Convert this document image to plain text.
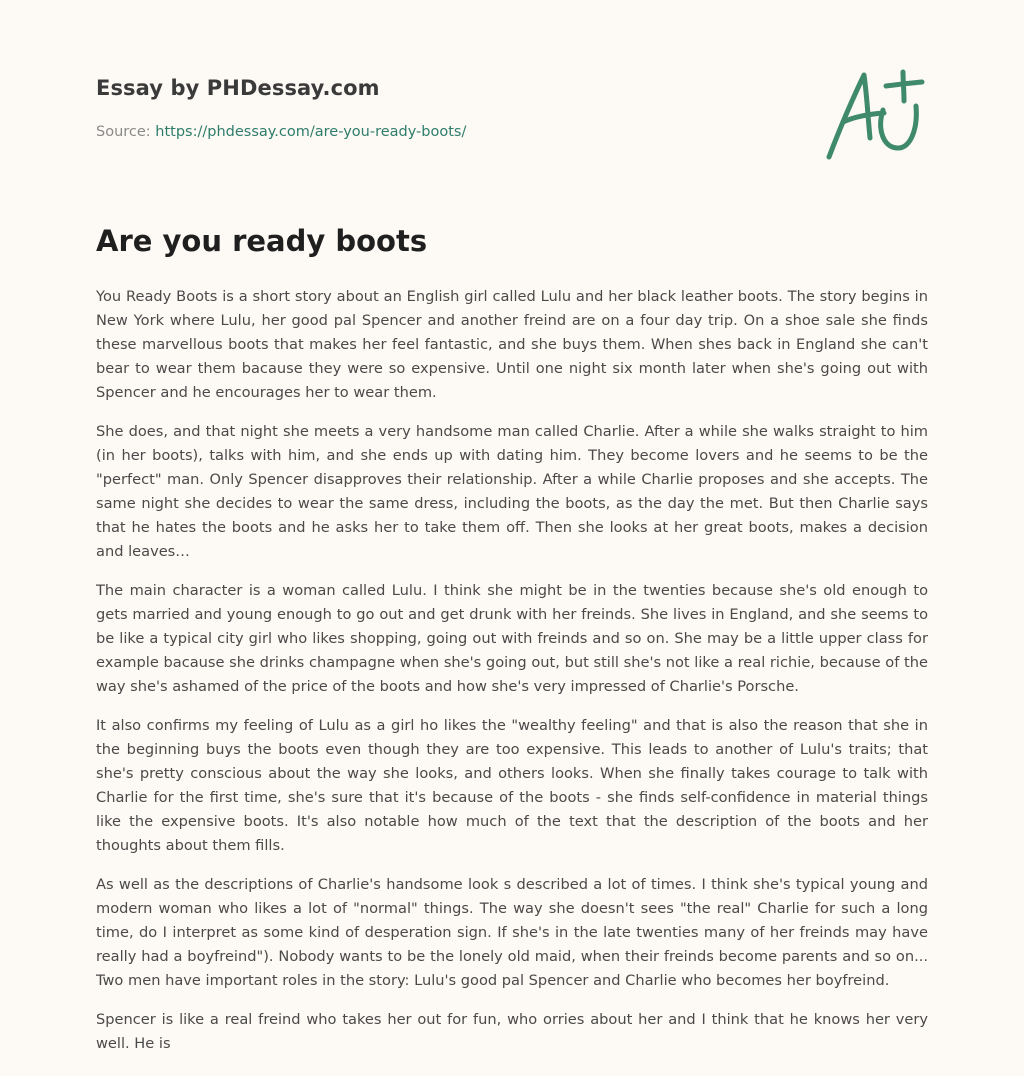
Essay by PHDessay.com
Source: https://phdessay.com/are-you-ready-boots/
Are you ready boots

You Ready Boots is a short story about an English girl called Lulu and her black leather boots. The story begins in New York where Lulu, her good pal Spencer and another freind are on a four day trip. On a shoe sale she finds these marvellous boots that makes her feel fantastic, and she buys them. When shes back in England she can't bear to wear them bacause they were so expensive. Until one night six month later when she's going out with Spencer and he encourages her to wear them.

She does, and that night she meets a very handsome man called Charlie. After a while she walks straight to him (in her boots), talks with him, and she ends up with dating him. They become lovers and he seems to be the "perfect" man. Only Spencer disapproves their relationship. After a while Charlie proposes and she accepts. The same night she decides to wear the same dress, including the boots, as the day the met. But then Charlie says that he hates the boots and he asks her to take them off. Then she looks at her great boots, makes a decision and leaves…

The main character is a woman called Lulu. I think she might be in the twenties because she's old enough to gets married and young enough to go out and get drunk with her freinds. She lives in England, and she seems to be like a typical city girl who likes shopping, going out with freinds and so on. She may be a little upper class for example bacause she drinks champagne when she's going out, but still she's not like a real richie, because of the way she's ashamed of the price of the boots and how she's very impressed of Charlie's Porsche.

It also confirms my feeling of Lulu as a girl ho likes the "wealthy feeling" and that is also the reason that she in the beginning buys the boots even though they are too expensive. This leads to another of Lulu's traits; that she's pretty conscious about the way she looks, and others looks. When she finally takes courage to talk with Charlie for the first time, she's sure that it's because of the boots - she finds self-confidence in material things like the expensive boots. It's also notable how much of the text that the description of the boots and her thoughts about them fills.

As well as the descriptions of Charlie's handsome look s described a lot of times. I think she's typical young and modern woman who likes a lot of "normal" things. The way she doesn't sees "the real" Charlie for such a long time, do I interpret as some kind of desperation sign. If she's in the late twenties many of her freinds may have really had a boyfreind"). Nobody wants to be the lonely old maid, when their freinds become parents and so on... Two men have important roles in the story: Lulu's good pal Spencer and Charlie who becomes her boyfreind.

Spencer is like a real freind who takes her out for fun, who orries about her and I think that he knows her very well. He is
